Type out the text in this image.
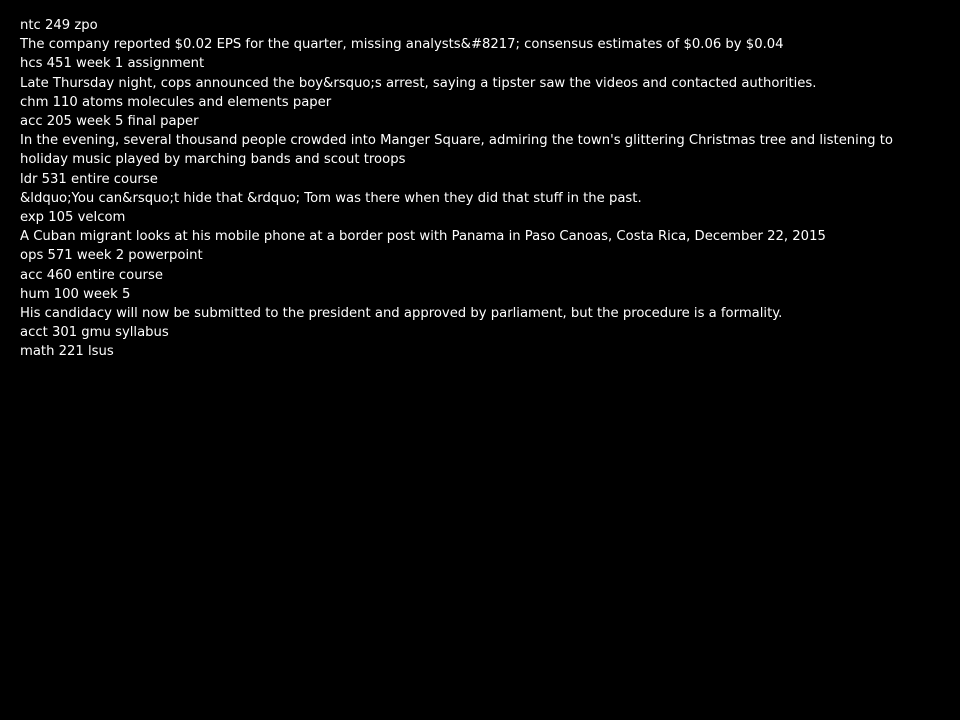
ntc 249 zpo
The company reported $0.02 EPS for the quarter, missing analysts&#8217; consensus estimates of $0.06 by $0.04
hcs 451 week 1 assignment
Late Thursday night, cops announced the boy&rsquo;s arrest, saying a tipster saw the videos and contacted authorities.
chm 110 atoms molecules and elements paper
acc 205 week 5 final paper
In the evening, several thousand people crowded into Manger Square, admiring the town's glittering Christmas tree and listening to holiday music played by marching bands and scout troops
ldr 531 entire course
&ldquo;You can&rsquo;t hide that &rdquo; Tom was there when they did that stuff in the past.
exp 105 velcom
A Cuban migrant looks at his mobile phone at a border post with Panama in Paso Canoas, Costa Rica, December 22, 2015
ops 571 week 2 powerpoint
acc 460 entire course
hum 100 week 5
His candidacy will now be submitted to the president and approved by parliament, but the procedure is a formality.
acct 301 gmu syllabus
math 221 lsus
